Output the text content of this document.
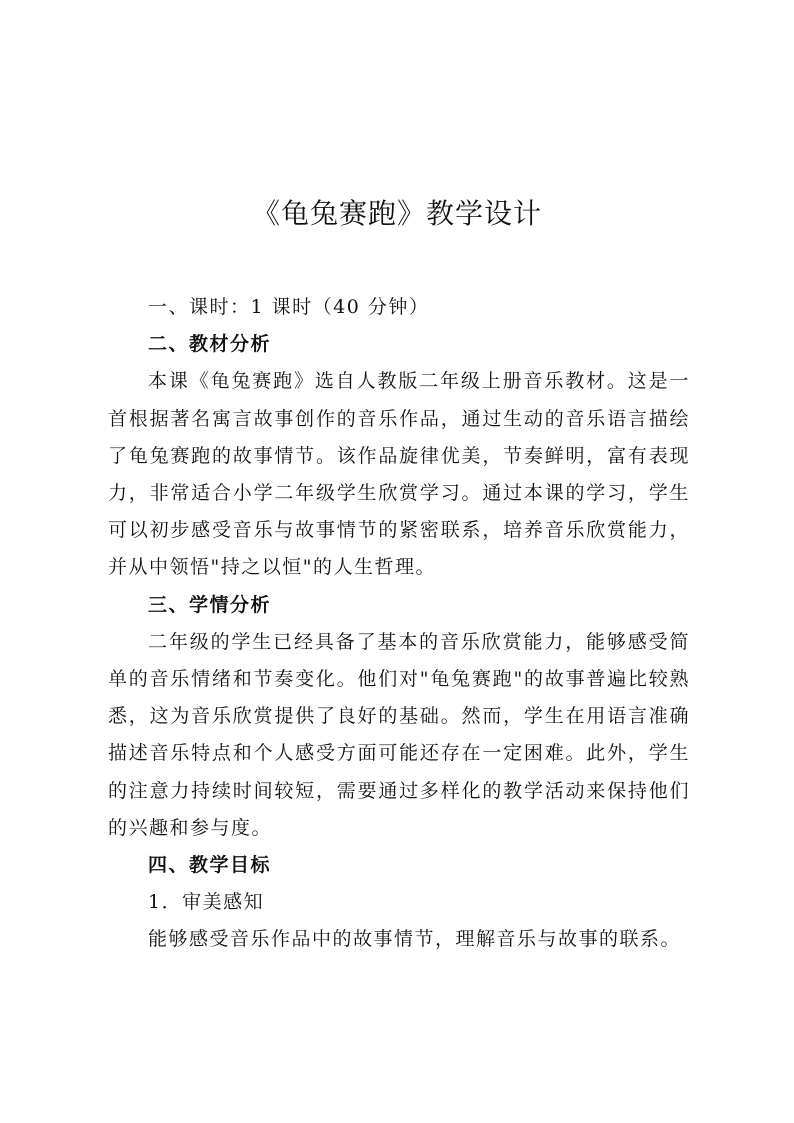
《龟兔赛跑》教学设计

一、课时：1 课时（40 分钟）

二、教材分析

本课《龟兔赛跑》选自人教版二年级上册音乐教材。这是一首根据著名寓言故事创作的音乐作品，通过生动的音乐语言描绘了龟兔赛跑的故事情节。该作品旋律优美，节奏鲜明，富有表现力，非常适合小学二年级学生欣赏学习。通过本课的学习，学生可以初步感受音乐与故事情节的紧密联系，培养音乐欣赏能力，并从中领悟"持之以恒"的人生哲理。

三、学情分析

二年级的学生已经具备了基本的音乐欣赏能力，能够感受简单的音乐情绪和节奏变化。他们对"龟兔赛跑"的故事普遍比较熟悉，这为音乐欣赏提供了良好的基础。然而，学生在用语言准确描述音乐特点和个人感受方面可能还存在一定困难。此外，学生的注意力持续时间较短，需要通过多样化的教学活动来保持他们的兴趣和参与度。

四、教学目标

1．审美感知

能够感受音乐作品中的故事情节，理解音乐与故事的联系。
